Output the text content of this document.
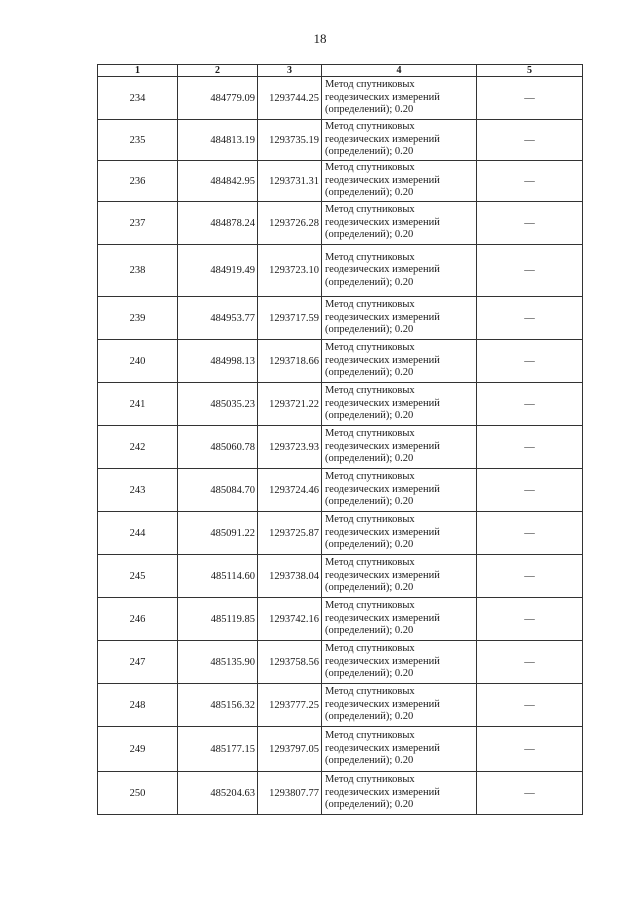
18
1	2	3	4	5
234	484779.09	1293744.25	Метод спутниковых
геодезических измерений
(определений); 0.20	—
235	484813.19	1293735.19	Метод спутниковых
геодезических измерений
(определений); 0.20	—
236	484842.95	1293731.31	Метод спутниковых
геодезических измерений
(определений); 0.20	—
237	484878.24	1293726.28	Метод спутниковых
геодезических измерений
(определений); 0.20	—
238	484919.49	1293723.10	Метод спутниковых
геодезических измерений
(определений); 0.20	—
239	484953.77	1293717.59	Метод спутниковых
геодезических измерений
(определений); 0.20	—
240	484998.13	1293718.66	Метод спутниковых
геодезических измерений
(определений); 0.20	—
241	485035.23	1293721.22	Метод спутниковых
геодезических измерений
(определений); 0.20	—
242	485060.78	1293723.93	Метод спутниковых
геодезических измерений
(определений); 0.20	—
243	485084.70	1293724.46	Метод спутниковых
геодезических измерений
(определений); 0.20	—
244	485091.22	1293725.87	Метод спутниковых
геодезических измерений
(определений); 0.20	—
245	485114.60	1293738.04	Метод спутниковых
геодезических измерений
(определений); 0.20	—
246	485119.85	1293742.16	Метод спутниковых
геодезических измерений
(определений); 0.20	—
247	485135.90	1293758.56	Метод спутниковых
геодезических измерений
(определений); 0.20	—
248	485156.32	1293777.25	Метод спутниковых
геодезических измерений
(определений); 0.20	—
249	485177.15	1293797.05	Метод спутниковых
геодезических измерений
(определений); 0.20	—
250	485204.63	1293807.77	Метод спутниковых
геодезических измерений
(определений); 0.20	—
